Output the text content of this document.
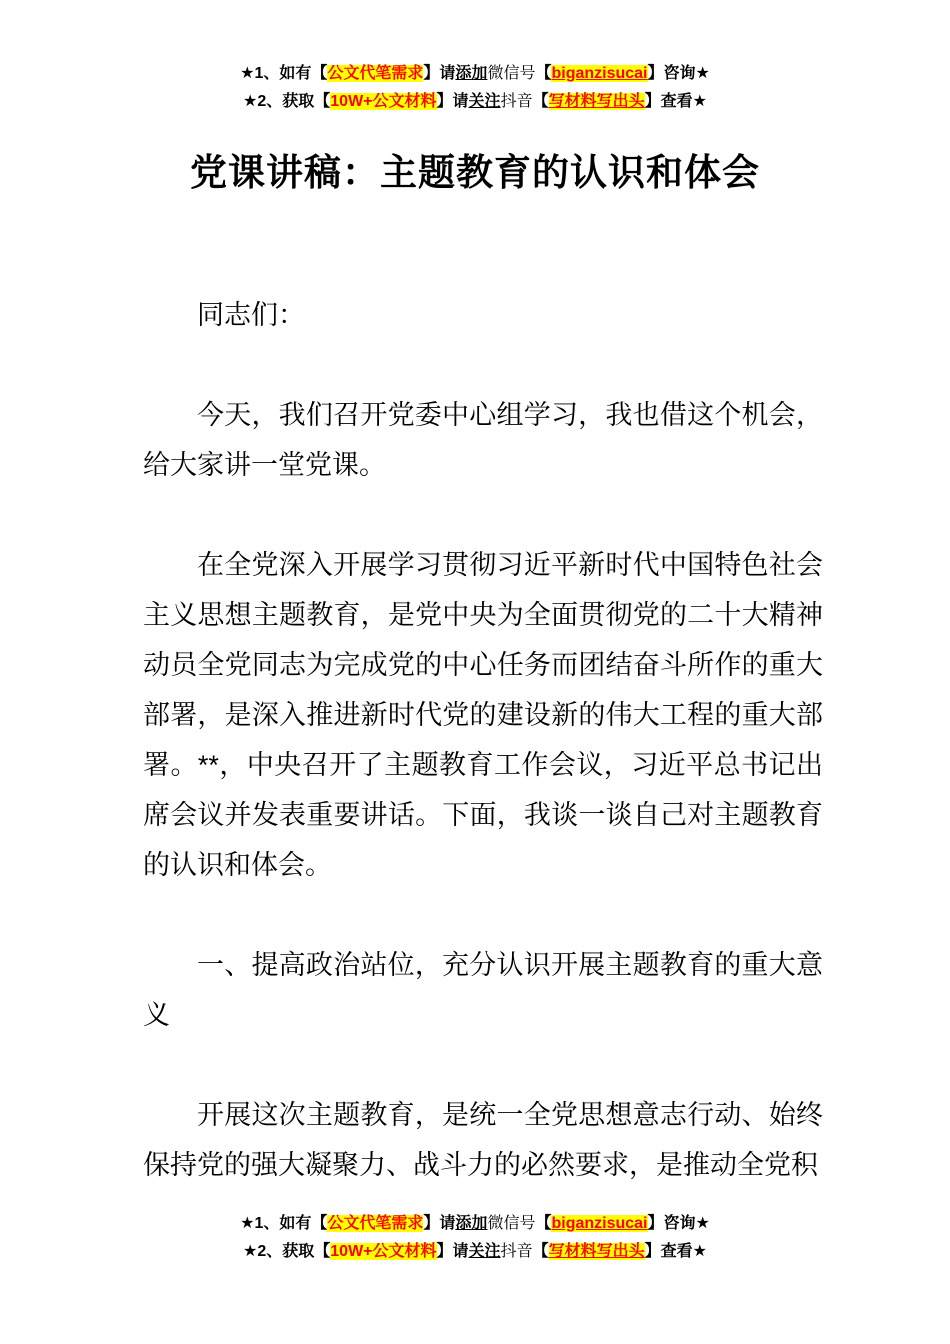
★1、如有【公文代笔需求】请添加微信号【biganzisucai】咨询★
★2、获取【10W+公文材料】请关注抖音【写材料写出头】查看★
党课讲稿：主题教育的认识和体会

同志们：

今天，我们召开党委中心组学习，我也借这个机会，给大家讲一堂党课。

在全党深入开展学习贯彻习近平新时代中国特色社会主义思想主题教育，是党中央为全面贯彻党的二十大精神动员全党同志为完成党的中心任务而团结奋斗所作的重大部署，是深入推进新时代党的建设新的伟大工程的重大部署。**，中央召开了主题教育工作会议，习近平总书记出席会议并发表重要讲话。下面，我谈一谈自己对主题教育的认识和体会。

一、提高政治站位，充分认识开展主题教育的重大意义

开展这次主题教育，是统一全党思想意志行动、始终保持党的强大凝聚力、战斗力的必然要求，是推动全党积

★1、如有【公文代笔需求】请添加微信号【biganzisucai】咨询★
★2、获取【10W+公文材料】请关注抖音【写材料写出头】查看★
